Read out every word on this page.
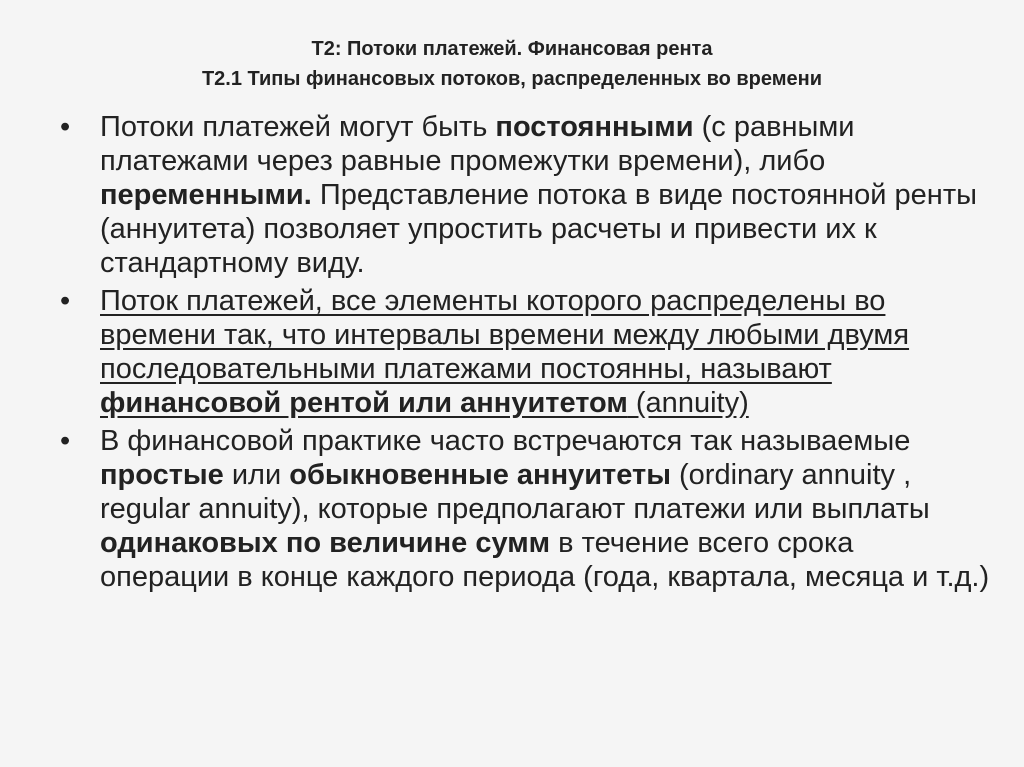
Т2: Потоки платежей. Финансовая рента
Т2.1 Типы финансовых потоков, распределенных во времени
• Потоки платежей могут быть постоянными (с равными платежами через равные промежутки времени), либо переменными. Представление потока в виде постоянной ренты (аннуитета) позволяет упростить расчеты и привести их к стандартному виду.
• Поток платежей, все элементы которого распределены во времени так, что интервалы времени между любыми двумя последовательными платежами постоянны, называют финансовой рентой или аннуитетом (annuity)
• В финансовой практике часто встречаются так называемые простые или обыкновенные аннуитеты (ordinary annuity , regular annuity), которые предполагают платежи или выплаты одинаковых по величине сумм в течение всего срока операции в конце каждого периода (года, квартала, месяца и т.д.)
